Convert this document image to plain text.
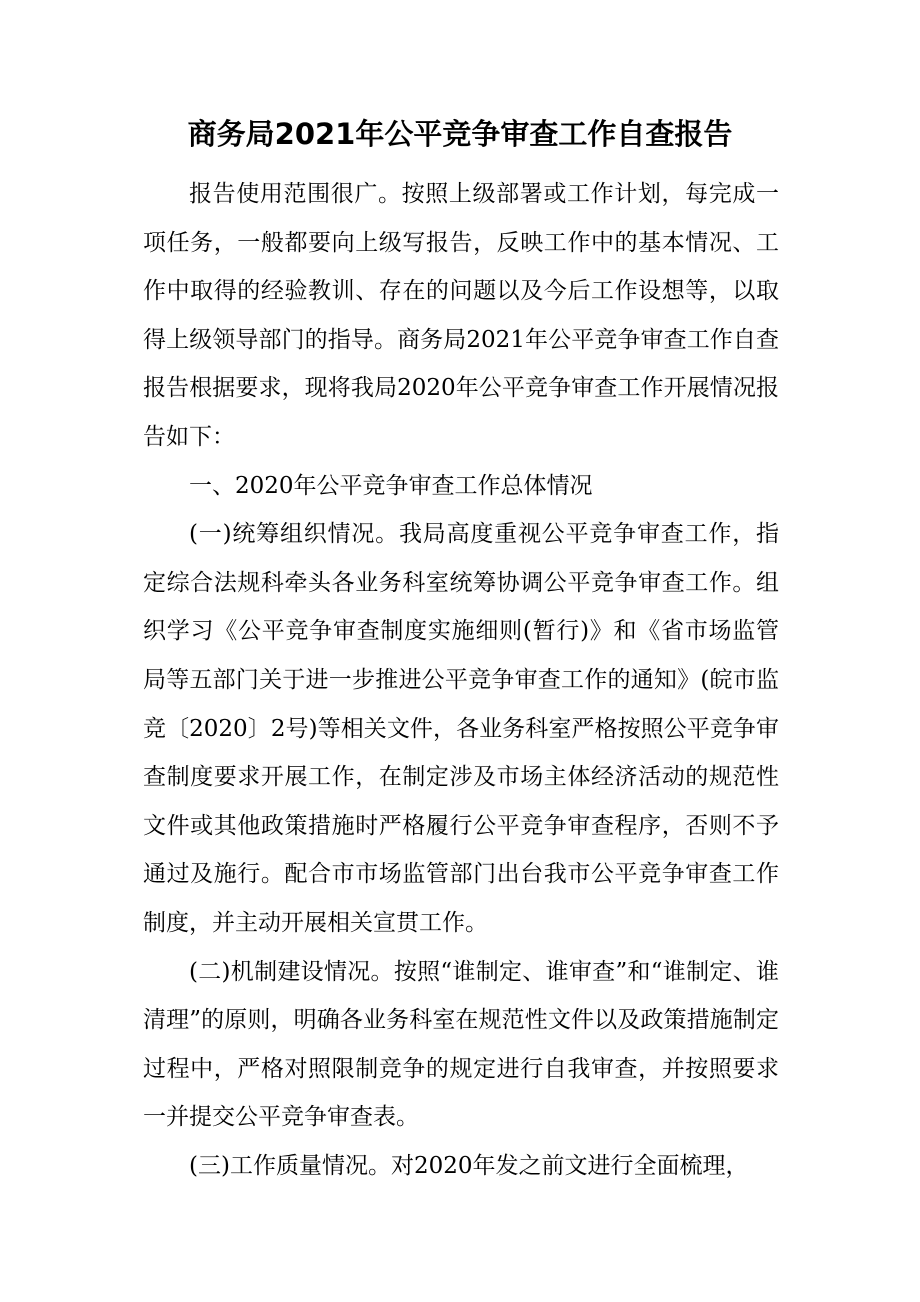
商务局2021年公平竞争审查工作自查报告

报告使用范围很广。按照上级部署或工作计划，每完成一项任务，一般都要向上级写报告，反映工作中的基本情况、工作中取得的经验教训、存在的问题以及今后工作设想等，以取得上级领导部门的指导。商务局2021年公平竞争审查工作自查报告根据要求，现将我局2020年公平竞争审查工作开展情况报告如下：

一、2020年公平竞争审查工作总体情况

(一)统筹组织情况。我局高度重视公平竞争审查工作，指定综合法规科牵头各业务科室统筹协调公平竞争审查工作。组织学习《公平竞争审查制度实施细则(暂行)》和《省市场监管局等五部门关于进一步推进公平竞争审查工作的通知》(皖市监竞〔2020〕2号)等相关文件，各业务科室严格按照公平竞争审查制度要求开展工作，在制定涉及市场主体经济活动的规范性文件或其他政策措施时严格履行公平竞争审查程序，否则不予通过及施行。配合市市场监管部门出台我市公平竞争审查工作制度，并主动开展相关宣贯工作。

(二)机制建设情况。按照“谁制定、谁审查”和“谁制定、谁清理”的原则，明确各业务科室在规范性文件以及政策措施制定过程中，严格对照限制竞争的规定进行自我审查，并按照要求一并提交公平竞争审查表。

(三)工作质量情况。对2020年发之前文进行全面梳理，
